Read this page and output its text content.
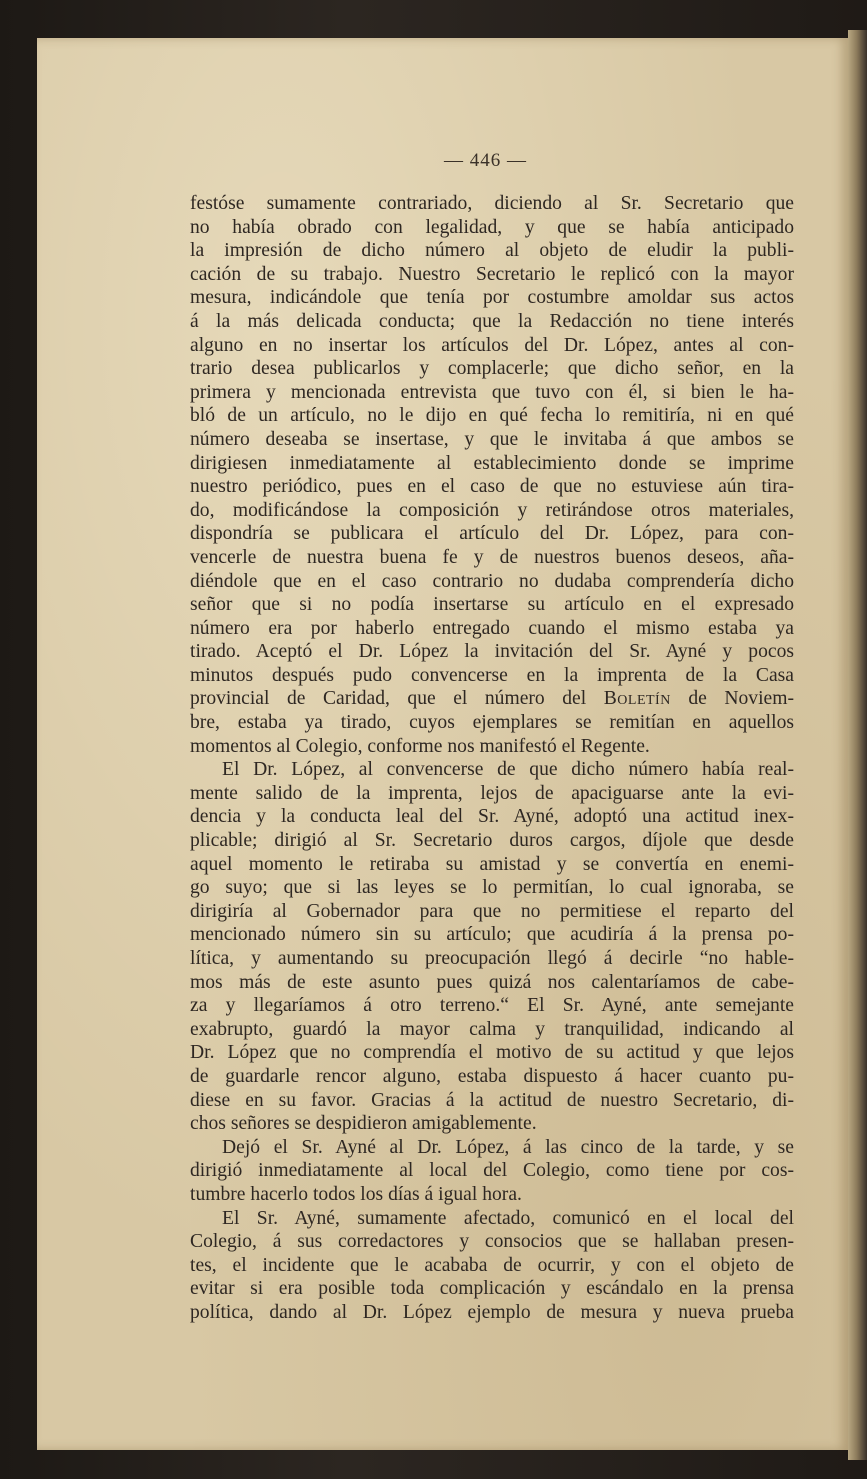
— 446 —
festóse sumamente contrariado, diciendo al Sr. Secretario que
no había obrado con legalidad, y que se había anticipado
la impresión de dicho número al objeto de eludir la publi-
cación de su trabajo. Nuestro Secretario le replicó con la mayor
mesura, indicándole que tenía por costumbre amoldar sus actos
á la más delicada conducta; que la Redacción no tiene interés
alguno en no insertar los artículos del Dr. López, antes al con-
trario desea publicarlos y complacerle; que dicho señor, en la
primera y mencionada entrevista que tuvo con él, si bien le ha-
bló de un artículo, no le dijo en qué fecha lo remitiría, ni en qué
número deseaba se insertase, y que le invitaba á que ambos se
dirigiesen inmediatamente al establecimiento donde se imprime
nuestro periódico, pues en el caso de que no estuviese aún tira-
do, modificándose la composición y retirándose otros materiales,
dispondría se publicara el artículo del Dr. López, para con-
vencerle de nuestra buena fe y de nuestros buenos deseos, aña-
diéndole que en el caso contrario no dudaba comprendería dicho
señor que si no podía insertarse su artículo en el expresado
número era por haberlo entregado cuando el mismo estaba ya
tirado. Aceptó el Dr. López la invitación del Sr. Ayné y pocos
minutos después pudo convencerse en la imprenta de la Casa
provincial de Caridad, que el número del Boletín de Noviem-
bre, estaba ya tirado, cuyos ejemplares se remitían en aquellos
momentos al Colegio, conforme nos manifestó el Regente.
El Dr. López, al convencerse de que dicho número había real-
mente salido de la imprenta, lejos de apaciguarse ante la evi-
dencia y la conducta leal del Sr. Ayné, adoptó una actitud inex-
plicable; dirigió al Sr. Secretario duros cargos, díjole que desde
aquel momento le retiraba su amistad y se convertía en enemi-
go suyo; que si las leyes se lo permitían, lo cual ignoraba, se
dirigiría al Gobernador para que no permitiese el reparto del
mencionado número sin su artículo; que acudiría á la prensa po-
lítica, y aumentando su preocupación llegó á decirle “no hable-
mos más de este asunto pues quizá nos calentaríamos de cabe-
za y llegaríamos á otro terreno.“ El Sr. Ayné, ante semejante
exabrupto, guardó la mayor calma y tranquilidad, indicando al
Dr. López que no comprendía el motivo de su actitud y que lejos
de guardarle rencor alguno, estaba dispuesto á hacer cuanto pu-
diese en su favor. Gracias á la actitud de nuestro Secretario, di-
chos señores se despidieron amigablemente.
Dejó el Sr. Ayné al Dr. López, á las cinco de la tarde, y se
dirigió inmediatamente al local del Colegio, como tiene por cos-
tumbre hacerlo todos los días á igual hora.
El Sr. Ayné, sumamente afectado, comunicó en el local del
Colegio, á sus corredactores y consocios que se hallaban presen-
tes, el incidente que le acababa de ocurrir, y con el objeto de
evitar si era posible toda complicación y escándalo en la prensa
política, dando al Dr. López ejemplo de mesura y nueva prueba
